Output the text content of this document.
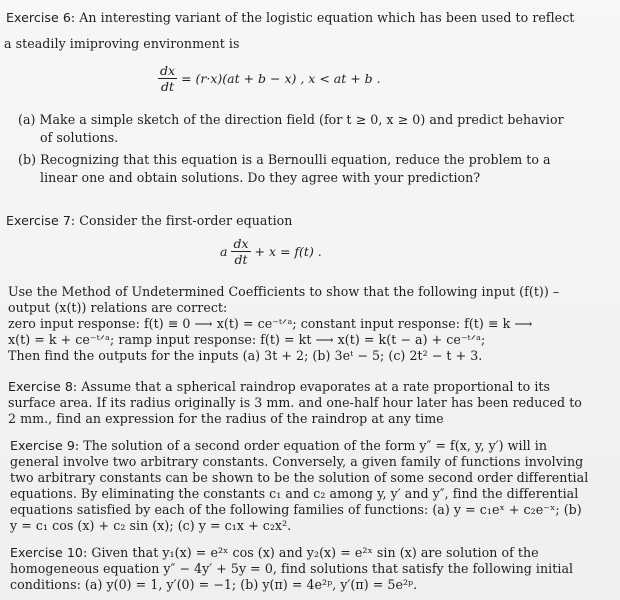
Exercise 6: An interesting variant of the logistic equation which has been used to reflect
a steadily imiproving environment is
$\frac{dx}{dt} = (r\cdot x)(at + b - x)$ , x < at + b .
(a) Make a simple sketch of the direction field (for t ≥ 0, x ≥ 0) and predict behavior
of solutions.
(b) Recognizing that this equation is a Bernoulli equation, reduce the problem to a
linear one and obtain solutions. Do they agree with your prediction?
Exercise 7: Consider the first-order equation
a $\frac{dx}{dt} + x = f(t)$ .
Use the Method of Undetermined Coefficients to show that the following input (f(t)) –
output (x(t)) relations are correct:
zero input response: f(t) ≡ 0 ⟶ x(t) = ce⁻ᵗᐟᵃ; constant input response: f(t) ≡ k ⟶
x(t) = k + ce⁻ᵗᐟᵃ; ramp input response: f(t) = kt ⟶ x(t) = k(t − a) + ce⁻ᵗᐟᵃ;
Then find the outputs for the inputs (a) 3t + 2; (b) 3eᵗ − 5; (c) 2t² − t + 3.
Exercise 8: Assume that a spherical raindrop evaporates at a rate proportional to its
surface area. If its radius originally is 3 mm. and one-half hour later has been reduced to
2 mm., find an expression for the radius of the raindrop at any time
Exercise 9: The solution of a second order equation of the form y″ = f(x, y, y′) will in
general involve two arbitrary constants. Conversely, a given family of functions involving
two arbitrary constants can be shown to be the solution of some second order differential
equations. By eliminating the constants c₁ and c₂ among y, y′ and y″, find the differential
equations satisfied by each of the following families of functions: (a) y = c₁eˣ + c₂e⁻ˣ; (b)
y = c₁ cos (x) + c₂ sin (x); (c) y = c₁x + c₂x².
Exercise 10: Given that y₁(x) = e²ˣ cos (x) and y₂(x) = e²ˣ sin (x) are solution of the
homogeneous equation y″ − 4y′ + 5y = 0, find solutions that satisfy the following initial
conditions: (a) y(0) = 1, y′(0) = −1; (b) y(π) = 4e²ᵖ, y′(π) = 5e²ᵖ.
